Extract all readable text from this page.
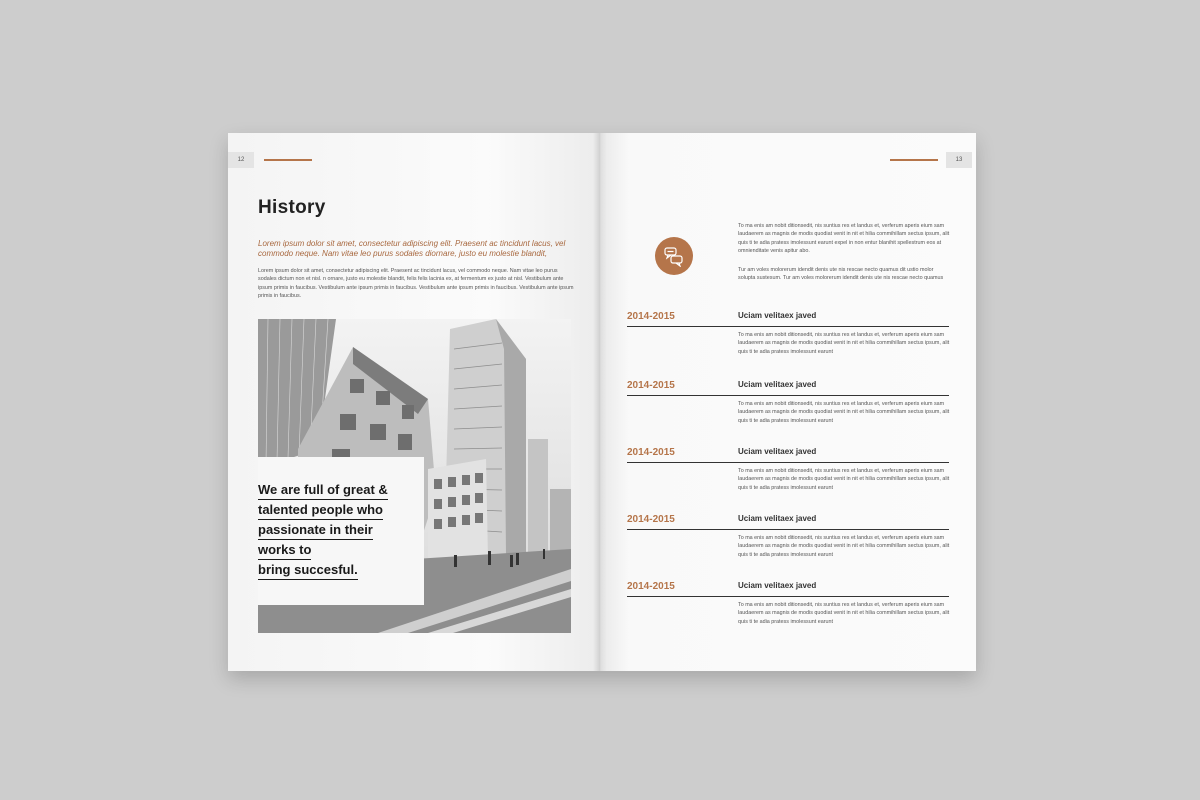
12
History
Lorem ipsum dolor sit amet, consectetur adipiscing elit. Praesent ac tincidunt lacus, vel commodo neque. Nam vitae leo purus sodales diornare, justo eu molestie blandit,
Lorem ipsum dolor sit amet, consectetur adipiscing elit. Praesent ac tincidunt lacus, vel commodo neque. Nam vitae leo purus sodales dictum non et nisl. n ornare, justo eu molestie blandit, felis felis lacinia ex, at fermentum ex justo at nisl. Vestibulum ante ipsum primis in faucibus. Vestibulum ante ipsum primis in faucibus. Vestibulum ante ipsum primis in faucibus. Vestibulum ante ipsum primis in faucibus.
We are full of great &
talented people who
passionate in their
works to
bring succesful.
13
To ma enis am nobit ditionsedit, nis suntius res et landus et, verferum aperis eium sam laudaerem as magnis de modis quodiat venit in nit et hilia commihillam sectus ipsum, alit quis ti te adia pratess imolessunt earunt expel in non entur blanihit spellestrum eos at omnienditate venis apitur abo.
Tur am voles molorerum idendit denis ute nis rescae necto quamus dit ustio molor solupta sustesum. Tur am voles molorerum idendit denis ute nis rescae necto quamus
2014-2015	Uciam velitaex javed
To ma enis am nobit ditionsedit, nis suntius res et landus et, verferum aperis eium sam laudaerem as magnis de modis quodiat venit in nit et hilia commihillam sectus ipsum, alit quis ti te adia pratess imolessunt earunt
2014-2015	Uciam velitaex javed
To ma enis am nobit ditionsedit, nis suntius res et landus et, verferum aperis eium sam laudaerem as magnis de modis quodiat venit in nit et hilia commihillam sectus ipsum, alit quis ti te adia pratess imolessunt earunt
2014-2015	Uciam velitaex javed
To ma enis am nobit ditionsedit, nis suntius res et landus et, verferum aperis eium sam laudaerem as magnis de modis quodiat venit in nit et hilia commihillam sectus ipsum, alit quis ti te adia pratess imolessunt earunt
2014-2015	Uciam velitaex javed
To ma enis am nobit ditionsedit, nis suntius res et landus et, verferum aperis eium sam laudaerem as magnis de modis quodiat venit in nit et hilia commihillam sectus ipsum, alit quis ti te adia pratess imolessunt earunt
2014-2015	Uciam velitaex javed
To ma enis am nobit ditionsedit, nis suntius res et landus et, verferum aperis eium sam laudaerem as magnis de modis quodiat venit in nit et hilia commihillam sectus ipsum, alit quis ti te adia pratess imolessunt earunt
